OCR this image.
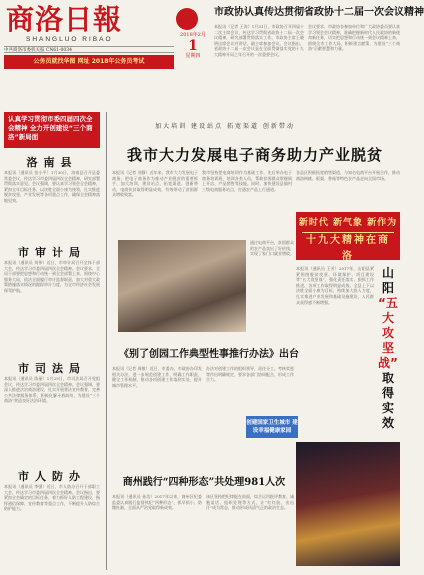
商洛日報
SHANGLUO RIBAO
2018年2月
1
星期四
中共商洛市委机关报 CN61-0034
公务员就找华图 网址 2018年公务员考试
市政协认真传达贯彻省政协十二届一次会议精神
本报讯（记者 王涛）1月31日，市政协召开四届十二次主席会议，传达学习贯彻省政协十二届一次会议精神，研究部署贯彻落实工作。市政协主席王晓明出席会议并讲话，副主席参加会议。会议指出，省政协十二届一次会议是在全面贯彻落实党的十九大精神开局之年召开的一次重要会议。
会议要求，市政协各参加单位和广大政协委员要认真学习领会会议精神，准确把握新时代人民政协的新使命新任务，切实把思想和行动统一到会议精神上来，围绕全市工作大局，积极建言献策，为建设“三个商洛”贡献智慧和力量。
认真学习贯彻市委四届四次全会精神 全力开创建设“三个商洛”新局面
洛南县
本报讯（通讯员 张小平）1月30日，洛南县召开县委常委会议，传达学习市委四届四次全会精神，研究部署贯彻落实意见。会议强调，要认真学习领会全会精神，紧扣全年目标任务，以决胜全面小康为统领，扎实推进脱贫攻坚、产业发展等各项重点工作，确保全会精神落地见效。
市审计局
本报讯（通讯员 刘伟）近日，市审计局召开全体干部大会，传达学习市委四届四次全会精神。会议要求，全局干部要把思想和行动统一到全会部署上来，围绕中心服务大局，依法全面履行审计监督职责，加大对重大政策措施落实情况的跟踪审计力度，为全市经济社会发展保驾护航。
市司法局
本报讯（通讯员 陈丽）1月29日，市司法局召开党组会议，传达学习市委四届四次全会精神。会议强调，要深入推进法治商洛建设，扎实开展普法宣传教育，完善公共法律服务体系，积极化解矛盾纠纷，为建设“三个商洛”营造良好法治环境。
市人防办
本报讯（通讯员 李强）近日，市人防办召开干部职工大会，传达学习市委四届四次全会精神。会议指出，要紧扣全会确定的目标任务，着力抓好人防工程建设、指挥通信保障、宣传教育等重点工作，不断提升人防综合防护能力。
加大培训 建设站点 拓宽渠道 创新带动
我市大力发展电子商务助力产业脱贫
本报讯（记者 刘静）近年来，我市大力发展电子商务，把电子商务作为推动产业脱贫的重要抓手，加大培训、建设站点、拓宽渠道、创新带动，电商扶贫取得明显成效，有效带动了贫困群众增收致富。
我市坚持把电商培训作为基础工作，先后举办电子商务培训班，培训各类人员，帮助贫困群众掌握网上开店、产品销售等技能。同时，加快建设县镇村三级电商服务站点，打通农产品上行通道。
各县区积极拓宽销售渠道，与知名电商平台开展合作，推动商洛核桃、板栗、香菇等特色农产品走向全国市场。
通过电商平台，贫困群众的农产品卖出了好价钱，实现了家门口就业增收。
新时代 新气象 新作为
十九大精神在商洛
本报讯（通讯员 王芳）2017年，山阳县紧紧围绕脱贫攻坚、环境保护、项目建设等“五大攻坚战”，强化责任落实，狠抓工作推进，各项工作取得明显成效。全县上下以决胜全面小康为目标，持续加大投入力度，扎实推进产业发展和基础设施建设，人民群众获得感不断增强。
山阳
“五大攻坚战”
取得实效
《别了创园工作典型性事推行办法》出台
本报讯（记者 周敏）近日，市委办、市政府办印发相关办法，进一步规范创建工作，明确工作职责，健全工作机制，推动各项创建工作落到实处，提升城市管理水平。
办法对创建工作的组织领导、责任分工、考核奖惩等作出明确规定，要求各部门协同配合，形成工作合力。
创建国家卫生城市 建设幸福健康家园
商州践行“四种形态”共处理981人次
本报讯（通讯员 孙浩）2017年以来，商州区纪委监委认真践行监督执纪“四种形态”，抓早抓小、防微杜渐，全面从严治党取得新成效。
该区坚持把纪律挺在前面，综合运用批评教育、诫勉谈话、组织处理等方式，让“红红脸、出出汗”成为常态，推动形成风清气正的政治生态。
